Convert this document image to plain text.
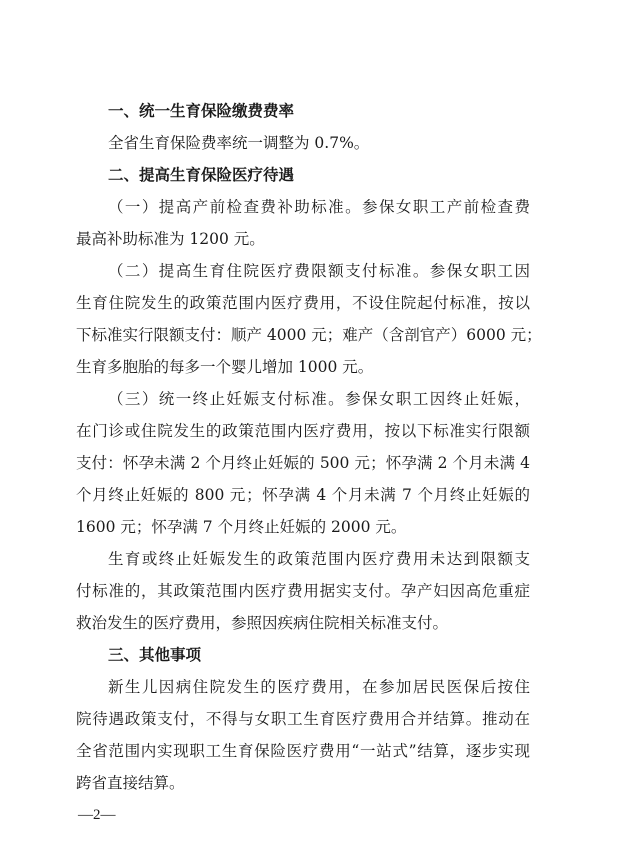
一、统一生育保险缴费费率
全省生育保险费率统一调整为 0.7%。
二、提高生育保险医疗待遇
（一）提高产前检查费补助标准。参保女职工产前检查费
最高补助标准为 1200 元。
（二）提高生育住院医疗费限额支付标准。参保女职工因
生育住院发生的政策范围内医疗费用，不设住院起付标准，按以
下标准实行限额支付：顺产 4000 元；难产（含剖官产）6000 元；
生育多胞胎的每多一个婴儿增加 1000 元。
（三）统一终止妊娠支付标准。参保女职工因终止妊娠，
在门诊或住院发生的政策范围内医疗费用，按以下标准实行限额
支付：怀孕未满 2 个月终止妊娠的 500 元；怀孕满 2 个月未满 4
个月终止妊娠的 800 元；怀孕满 4 个月未满 7 个月终止妊娠的
1600 元；怀孕满 7 个月终止妊娠的 2000 元。
生育或终止妊娠发生的政策范围内医疗费用未达到限额支
付标准的，其政策范围内医疗费用据实支付。孕产妇因高危重症
救治发生的医疗费用，参照因疾病住院相关标准支付。
三、其他事项
新生儿因病住院发生的医疗费用，在参加居民医保后按住
院待遇政策支付，不得与女职工生育医疗费用合并结算。推动在
全省范围内实现职工生育保险医疗费用“一站式”结算，逐步实现
跨省直接结算。
—2—
